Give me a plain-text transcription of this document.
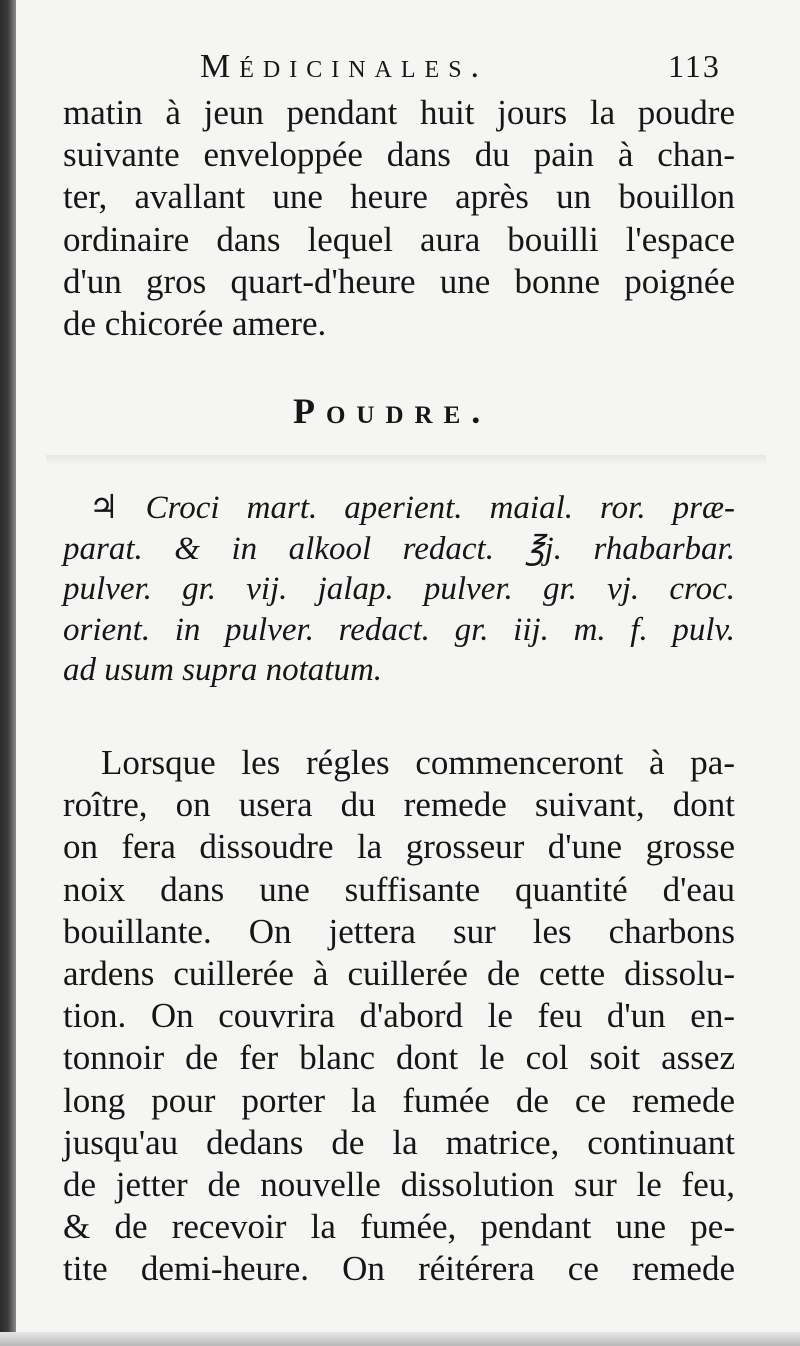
Médicinales.	113
matin à jeun pendant huit jours la poudre
suivante enveloppée dans du pain à chan-
ter, avallant une heure après un bouillon
ordinaire dans lequel aura bouilli l'espace
d'un gros quart-d'heure une bonne poignée
de chicorée amere.
Poudre.
♃ Croci mart. aperient. maial. ror. præ-
parat. & in alkool redact. ℥j. rhabarbar.
pulver. gr. vij. jalap. pulver. gr. vj. croc.
orient. in pulver. redact. gr. iij. m. f. pulv.
ad usum supra notatum.
Lorsque les régles commenceront à pa-
roître, on usera du remede suivant, dont
on fera dissoudre la grosseur d'une grosse
noix dans une suffisante quantité d'eau
bouillante. On jettera sur les charbons
ardens cuillerée à cuillerée de cette dissolu-
tion. On couvrira d'abord le feu d'un en-
tonnoir de fer blanc dont le col soit assez
long pour porter la fumée de ce remede
jusqu'au dedans de la matrice, continuant
de jetter de nouvelle dissolution sur le feu,
& de recevoir la fumée, pendant une pe-
tite demi-heure. On réitérera ce remede
